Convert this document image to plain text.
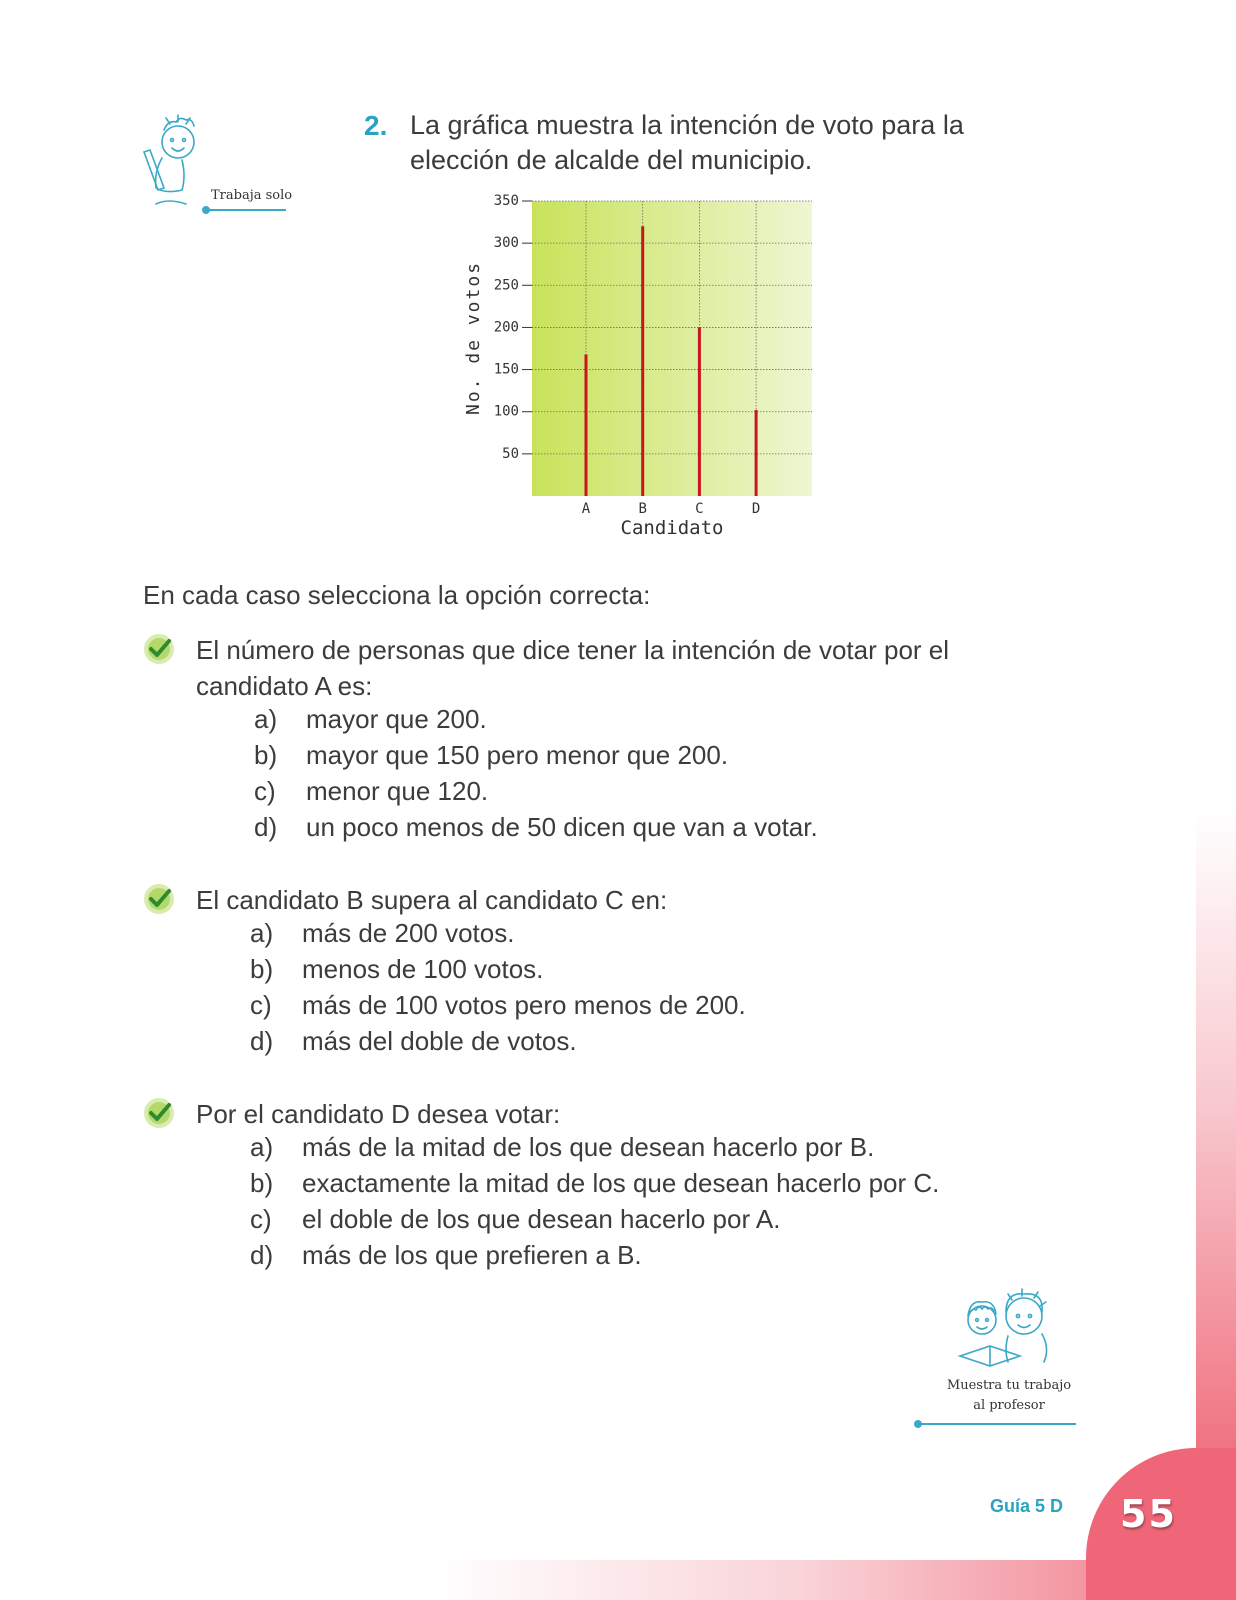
55
Guía 5 D
Trabaja solo
2. La gráfica muestra la intención de voto para la
elección de alcalde del municipio.
50
100
150
200
250
300
350
A	B	C	D
Candidato
No. de votos
En cada caso selecciona la opción correcta:
El número de personas que dice tener la intención de votar por el
candidato A es:
a) mayor que 200.
b) mayor que 150 pero menor que 200.
c) menor que 120.
d) un poco menos de 50 dicen que van a votar.
El candidato B supera al candidato C en:
a) más de 200 votos.
b) menos de 100 votos.
c) más de 100 votos pero menos de 200.
d) más del doble de votos.
Por el candidato D desea votar:
a) más de la mitad de los que desean hacerlo por B.
b) exactamente la mitad de los que desean hacerlo por C.
c) el doble de los que desean hacerlo por A.
d) más de los que prefieren a B.
Muestra tu trabajo
al profesor
